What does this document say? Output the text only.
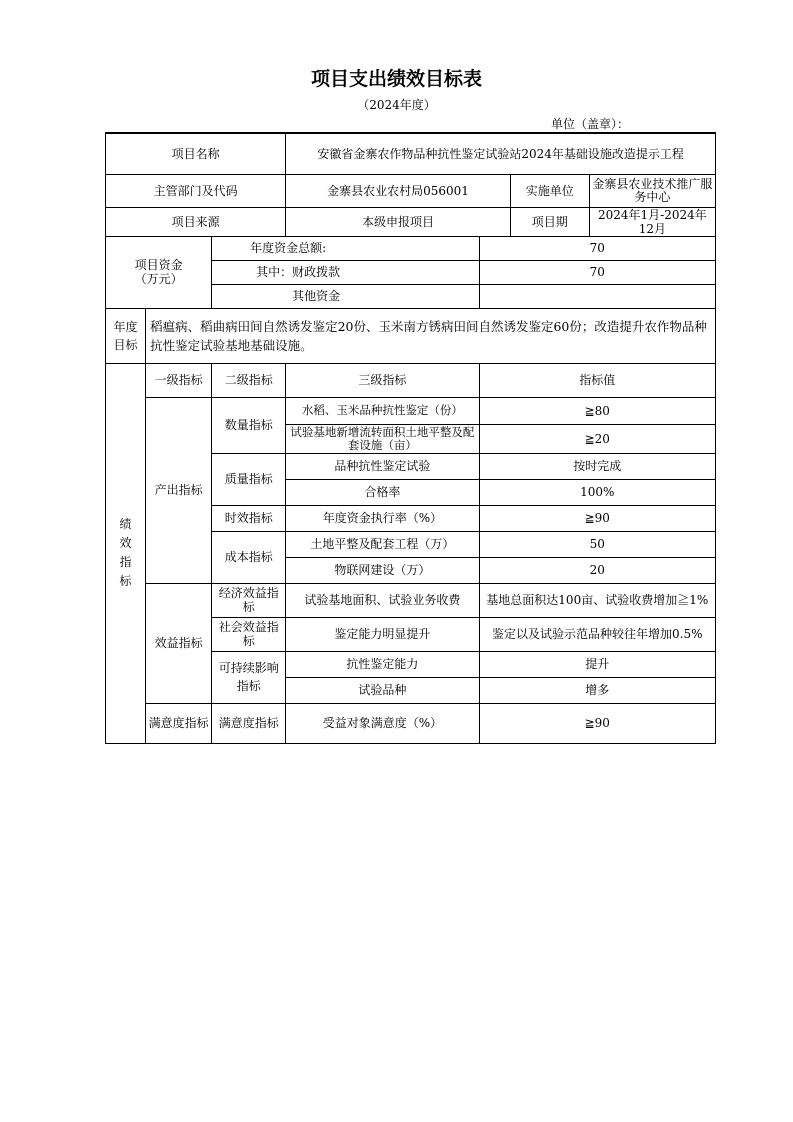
项目支出绩效目标表
（2024年度）
单位（盖章）：
项目名称	安徽省金寨农作物品种抗性鉴定试验站2024年基础设施改造提示工程
主管部门及代码		金寨县农业农村局056001	实施单位	金寨县农业技术推广服务中心

项目来源		本级申报项目	项目期	2024年1月-2024年12月

项目资金
（万元）
	年度资金总额:	70
其中：财政拨款	70
其他资金	

年度
目标
	稻瘟病、稻曲病田间自然诱发鉴定20份、玉米南方锈病田间自然诱发鉴定60份；改造提升农作物品种抗性鉴定试验基地基础设施。

绩
效
指
标
	一级指标	二级指标	三级指标	指标值
产出指标	数量指标	水稻、玉米品种抗性鉴定（份）	≧80
试验基地新增流转面积土地平整及配套设施（亩）	≧20
质量指标	品种抗性鉴定试验	按时完成
合格率	100%
时效指标	年度资金执行率（%）	≧90
成本指标	土地平整及配套工程（万）	50
物联网建设（万）	20
效益指标	经济效益指标	试验基地面积、试验业务收费	基地总面积达100亩、试验收费增加≧1%
社会效益指标	鉴定能力明显提升	鉴定以及试验示范品种较往年增加0.5%
可持续影响指标	抗性鉴定能力	提升
试验品种	增多
满意度指标	满意度指标	受益对象满意度（%）	≧90
